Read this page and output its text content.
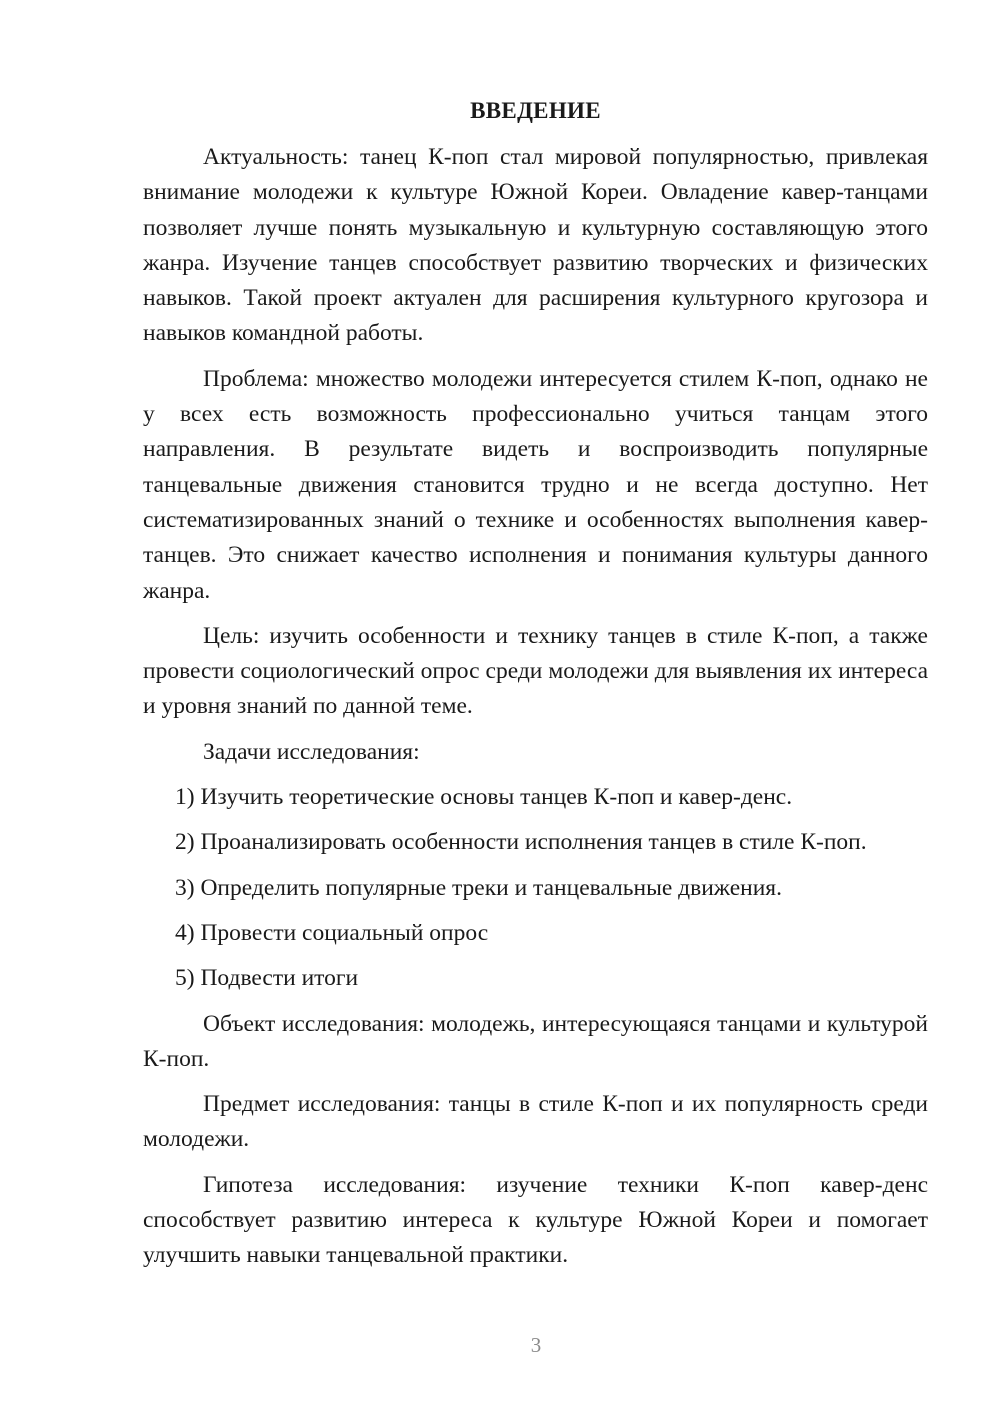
ВВЕДЕНИЕ

Актуальность: танец К-поп стал мировой популярностью, привлекая внимание молодежи к культуре Южной Кореи. Овладение кавер-танцами позволяет лучше понять музыкальную и культурную составляющую этого жанра. Изучение танцев способствует развитию творческих и физических навыков. Такой проект актуален для расширения культурного кругозора и навыков командной работы.

Проблема: множество молодежи интересуется стилем К-поп, однако не у всех есть возможность профессионально учиться танцам этого направления. В результате видеть и воспроизводить популярные танцевальные движения становится трудно и не всегда доступно. Нет систематизированных знаний о технике и особенностях выполнения кавер-танцев. Это снижает качество исполнения и понимания культуры данного жанра.

Цель: изучить особенности и технику танцев в стиле К-поп, а также провести социологический опрос среди молодежи для выявления их интереса и уровня знаний по данной теме.

Задачи исследования:

1) Изучить теоретические основы танцев К-поп и кавер-денс.
2) Проанализировать особенности исполнения танцев в стиле К-поп.
3) Определить популярные треки и танцевальные движения.
4) Провести социальный опрос
5) Подвести итоги

Объект исследования: молодежь, интересующаяся танцами и культурой К-поп.

Предмет исследования: танцы в стиле К-поп и их популярность среди молодежи.

Гипотеза исследования: изучение техники К-поп кавер-денс способствует развитию интереса к культуре Южной Кореи и помогает улучшить навыки танцевальной практики.

3
